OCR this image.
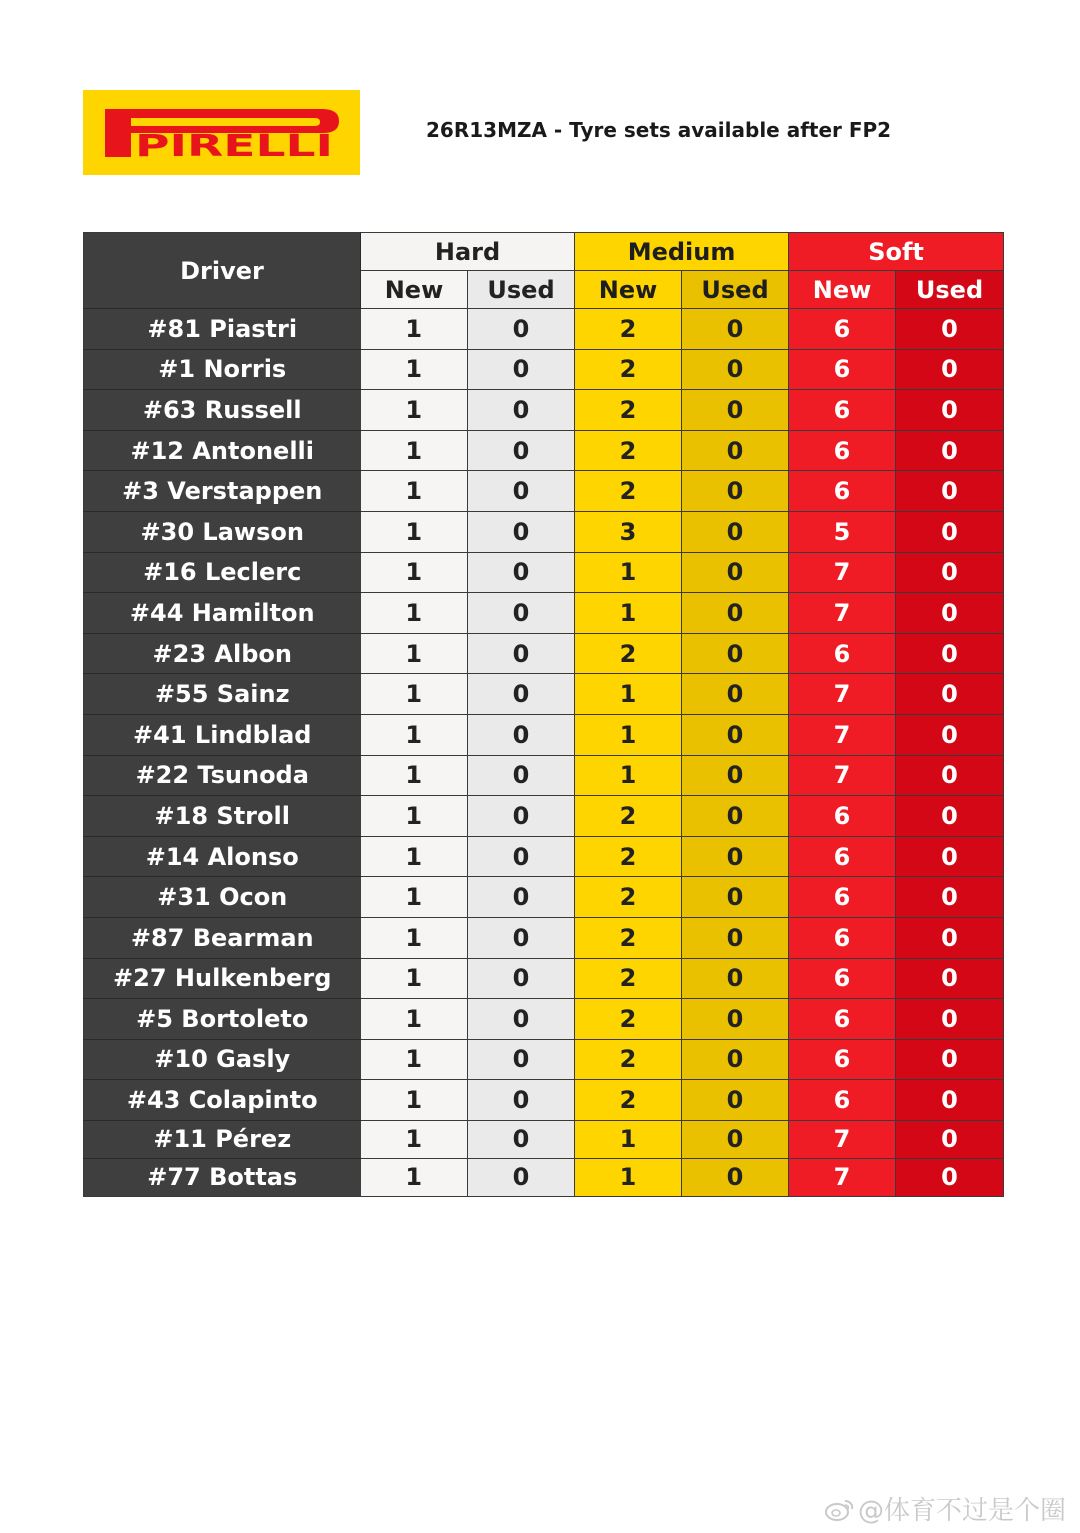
PIRELLI	26R13MZA - Tyre sets available after FP2
Driver	Hard		Medium		Soft	
	New	Used	New	Used	New	Used
#81 Piastri	1	0	2	0	6	0
#1 Norris	1	0	2	0	6	0
#63 Russell	1	0	2	0	6	0
#12 Antonelli	1	0	2	0	6	0
#3 Verstappen	1	0	2	0	6	0
#30 Lawson	1	0	3	0	5	0
#16 Leclerc	1	0	1	0	7	0
#44 Hamilton	1	0	1	0	7	0
#23 Albon	1	0	2	0	6	0
#55 Sainz	1	0	1	0	7	0
#41 Lindblad	1	0	1	0	7	0
#22 Tsunoda	1	0	1	0	7	0
#18 Stroll	1	0	2	0	6	0
#14 Alonso	1	0	2	0	6	0
#31 Ocon	1	0	2	0	6	0
#87 Bearman	1	0	2	0	6	0
#27 Hulkenberg	1	0	2	0	6	0
#5 Bortoleto	1	0	2	0	6	0
#10 Gasly	1	0	2	0	6	0
#43 Colapinto	1	0	2	0	6	0
#11 Pérez	1	0	1	0	7	0
#77 Bottas	1	0	1	0	7	0
@体育不过是个圈
